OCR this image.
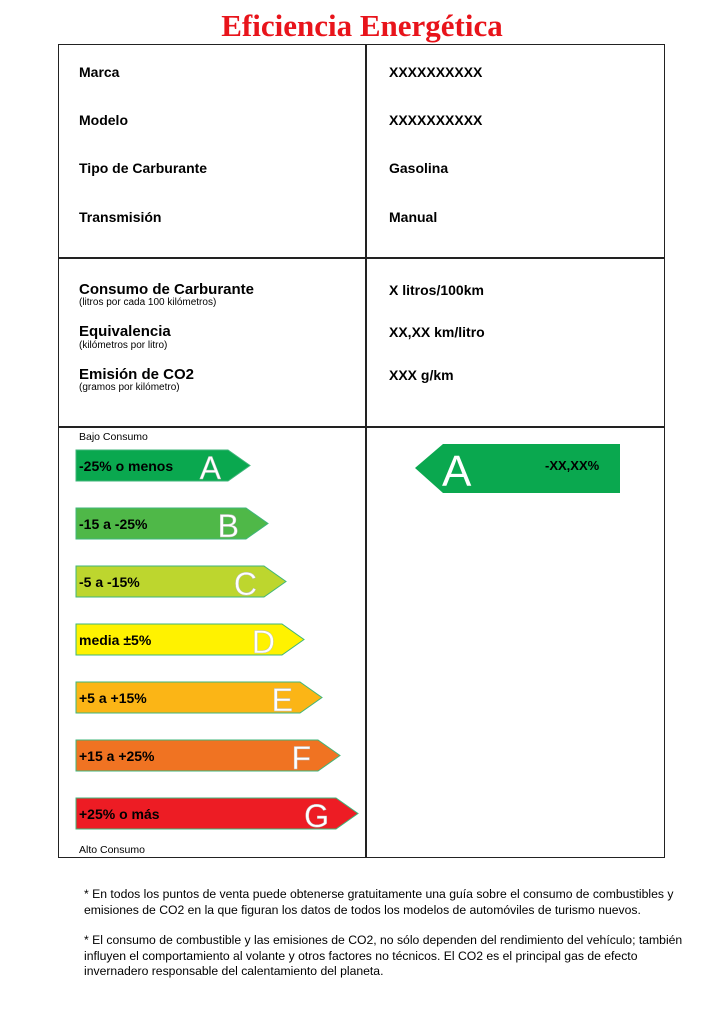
Eficiencia Energética
Marca	XXXXXXXXXX
Modelo	XXXXXXXXXX
Tipo de Carburante	Gasolina
Transmisión	Manual
Consumo de Carburante
(litros por cada 100 kilómetros)
X litros/100km
Equivalencia
(kilómetros por litro)
XX,XX km/litro
Emisión de CO2
(gramos por kilómetro)
XXX g/km
Bajo Consumo
Alto Consumo
-25% o menos A
-15 a -25% B
-5 a -15%	C
media ±5%	D
+5 a +15%	E
+15 a +25%	F
+25% o más	G
A	-XX,XX%

* En todos los puntos de venta puede obtenerse gratuitamente una guía sobre el consumo de combustibles y emisiones de CO2 en la que figuran los datos de todos los modelos de automóviles de turismo nuevos.

* El consumo de combustible y las emisiones de CO2, no sólo dependen del rendimiento del vehículo; también influyen el comportamiento al volante y otros factores no técnicos. El CO2 es el principal gas de efecto invernadero responsable del calentamiento del planeta.
